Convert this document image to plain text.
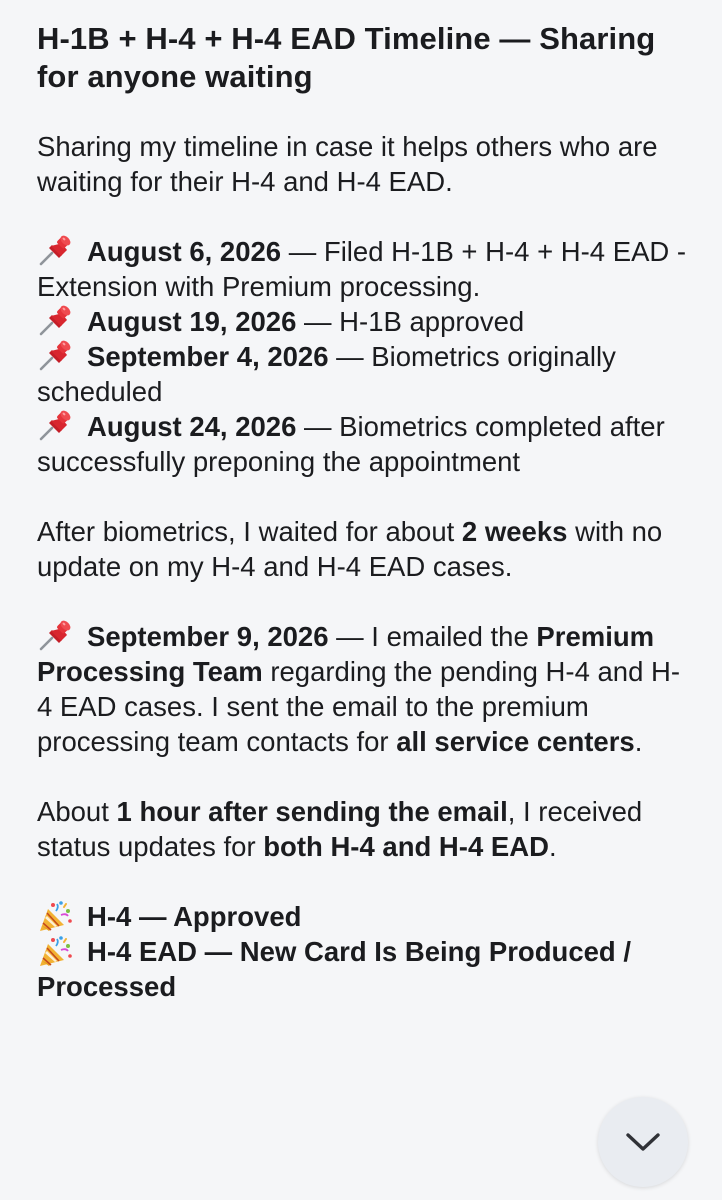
H-1B + H-4 + H-4 EAD Timeline — Sharing for anyone waiting

Sharing my timeline in case it helps others who are waiting for their H-4 and H-4 EAD.

August 6, 2026 — Filed H-1B + H-4 + H-4 EAD - Extension with Premium processing.

August 19, 2026 — H-1B approved

September 4, 2026 — Biometrics originally scheduled

August 24, 2026 — Biometrics completed after successfully preponing the appointment

After biometrics, I waited for about 2 weeks with no update on my H-4 and H-4 EAD cases.

September 9, 2026 — I emailed the Premium Processing Team regarding the pending H-4 and H-4 EAD cases. I sent the email to the premium processing team contacts for all service centers.

About 1 hour after sending the email, I received status updates for both H-4 and H-4 EAD.

H-4 — Approved

H-4 EAD — New Card Is Being Produced / Processed
